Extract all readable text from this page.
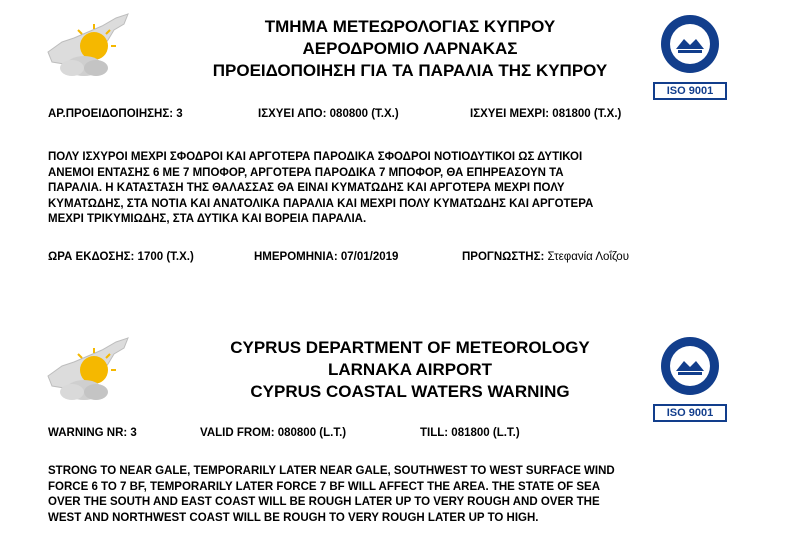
ΤΜΗΜΑ ΜΕΤΕΩΡΟΛΟΓΙΑΣ ΚΥΠΡΟΥ
ΑΕΡΟΔΡΟΜΙΟ ΛΑΡΝΑΚΑΣ
ΠΡΟΕΙΔΟΠΟΙΗΣΗ ΓΙΑ ΤΑ ΠΑΡΑΛΙΑ ΤΗΣ ΚΥΠΡΟΥ
ISO 9001
ΑΡ.ΠΡΟΕΙΔΟΠΟΙΗΣΗΣ: 3	ΙΣΧΥΕΙ ΑΠΟ: 080800 (Τ.Χ.)	ΙΣΧΥΕΙ ΜΕΧΡΙ: 081800 (Τ.Χ.)
ΠΟΛΥ ΙΣΧΥΡΟΙ ΜΕΧΡΙ ΣΦΟΔΡΟΙ ΚΑΙ ΑΡΓΟΤΕΡΑ ΠΑΡΟΔΙΚΑ ΣΦΟΔΡΟΙ ΝΟΤΙΟΔΥΤΙΚΟΙ ΩΣ ΔΥΤΙΚΟΙ
ΑΝΕΜΟΙ ΕΝΤΑΣΗΣ 6 ΜΕ 7 ΜΠΟΦΟΡ, ΑΡΓΟΤΕΡΑ ΠΑΡΟΔΙΚΑ 7 ΜΠΟΦΟΡ, ΘΑ ΕΠΗΡΕΑΣΟΥΝ ΤΑ
ΠΑΡΑΛΙΑ. Η ΚΑΤΑΣΤΑΣΗ ΤΗΣ ΘΑΛΑΣΣΑΣ ΘΑ ΕΙΝΑΙ ΚΥΜΑΤΩΔΗΣ ΚΑΙ ΑΡΓΟΤΕΡΑ ΜΕΧΡΙ ΠΟΛΥ
ΚΥΜΑΤΩΔΗΣ, ΣΤΑ ΝΟΤΙΑ ΚΑΙ ΑΝΑΤΟΛΙΚΑ ΠΑΡΑΛΙΑ ΚΑΙ ΜΕΧΡΙ ΠΟΛΥ ΚΥΜΑΤΩΔΗΣ ΚΑΙ ΑΡΓΟΤΕΡΑ
ΜΕΧΡΙ ΤΡΙΚΥΜΙΩΔΗΣ, ΣΤΑ ΔΥΤΙΚΑ ΚΑΙ ΒΟΡΕΙΑ ΠΑΡΑΛΙΑ.
ΩΡΑ ΕΚΔΟΣΗΣ: 1700 (Τ.Χ.)	ΗΜΕΡΟΜΗΝΙΑ: 07/01/2019	ΠΡΟΓΝΩΣΤΗΣ: Στεφανία Λοΐζου
CYPRUS DEPARTMENT OF METEOROLOGY
LARNAKA AIRPORT
CYPRUS COASTAL WATERS WARNING
ISO 9001
WARNING NR: 3	VALID FROM: 080800 (L.T.)	TILL: 081800 (L.T.)
STRONG TO NEAR GALE, TEMPORARILY LATER NEAR GALE, SOUTHWEST TO WEST SURFACE WIND
FORCE 6 TO 7 BF, TEMPORARILY LATER FORCE 7 BF WILL AFFECT THE AREA. THE STATE OF SEA
OVER THE SOUTH AND EAST COAST WILL BE ROUGH LATER UP TO VERY ROUGH AND OVER THE
WEST AND NORTHWEST COAST WILL BE ROUGH TO VERY ROUGH LATER UP TO HIGH.
